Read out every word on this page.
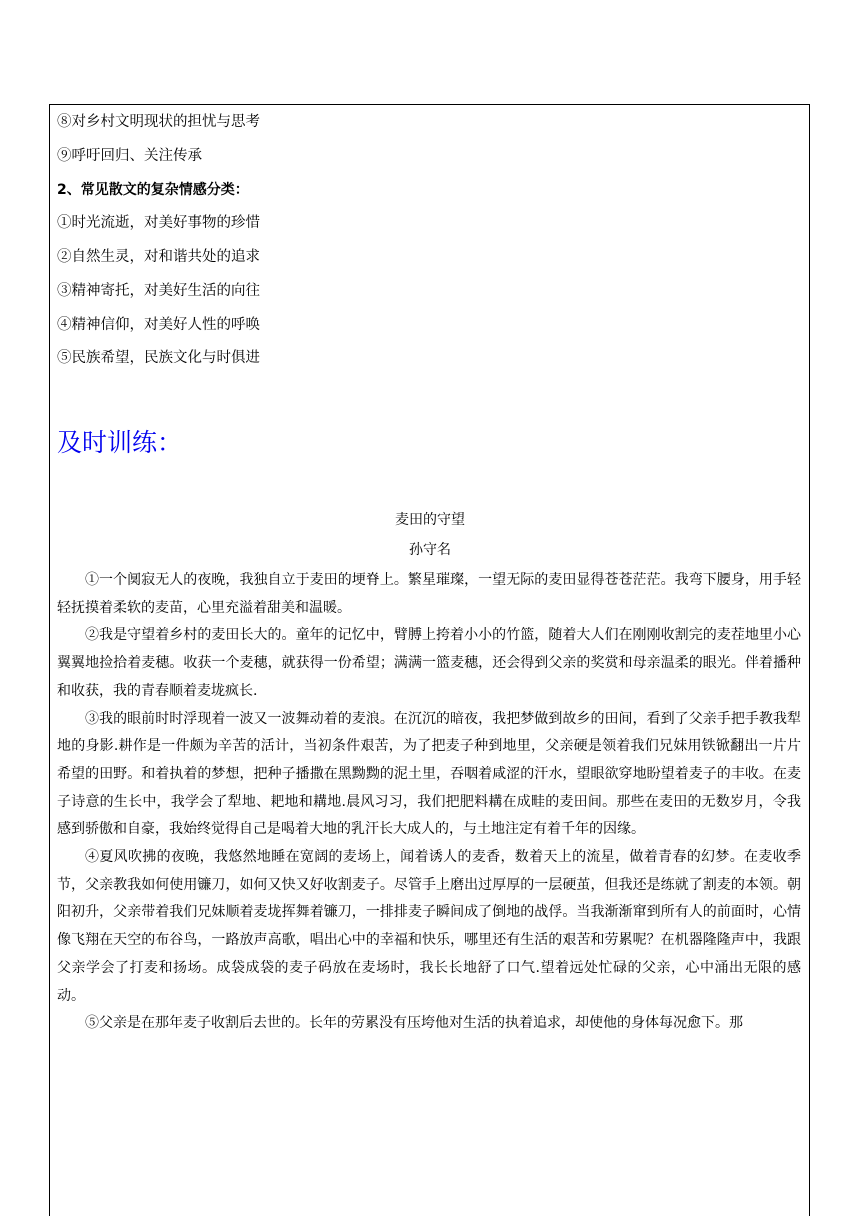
⑧对乡村文明现状的担忧与思考
⑨呼吁回归、关注传承
2、常见散文的复杂情感分类：
①时光流逝，对美好事物的珍惜
②自然生灵，对和谐共处的追求
③精神寄托，对美好生活的向往
④精神信仰，对美好人性的呼唤
⑤民族希望，民族文化与时俱进
及时训练：
麦田的守望
孙守名

①一个阒寂无人的夜晚，我独自立于麦田的埂脊上。繁星璀璨，一望无际的麦田显得苍苍茫茫。我弯下腰身，用手轻轻抚摸着柔软的麦苗，心里充溢着甜美和温暖。

②我是守望着乡村的麦田长大的。童年的记忆中，臂膊上挎着小小的竹篮，随着大人们在刚刚收割完的麦茬地里小心翼翼地捡拾着麦穗。收获一个麦穗，就获得一份希望；满满一篮麦穗，还会得到父亲的奖赏和母亲温柔的眼光。伴着播种和收获，我的青春顺着麦垅疯长.

③我的眼前时时浮现着一波又一波舞动着的麦浪。在沉沉的暗夜，我把梦做到故乡的田间，看到了父亲手把手教我犁地的身影.耕作是一件颇为辛苦的活计，当初条件艰苦，为了把麦子种到地里，父亲硬是领着我们兄妹用铁锨翻出一片片希望的田野。和着执着的梦想，把种子播撒在黑黝黝的泥土里，吞咽着咸涩的汗水，望眼欲穿地盼望着麦子的丰收。在麦子诗意的生长中，我学会了犁地、耙地和耩地.晨风习习，我们把肥料耩在成畦的麦田间。那些在麦田的无数岁月，令我感到骄傲和自豪，我始终觉得自己是喝着大地的乳汗长大成人的，与土地注定有着千年的因缘。

④夏风吹拂的夜晚，我悠然地睡在宽阔的麦场上，闻着诱人的麦香，数着天上的流星，做着青春的幻梦。在麦收季节，父亲教我如何使用镰刀，如何又快又好收割麦子。尽管手上磨出过厚厚的一层硬茧，但我还是练就了割麦的本领。朝阳初升，父亲带着我们兄妹顺着麦垅挥舞着镰刀，一排排麦子瞬间成了倒地的战俘。当我渐渐窜到所有人的前面时，心情像飞翔在天空的布谷鸟，一路放声高歌，唱出心中的幸福和快乐，哪里还有生活的艰苦和劳累呢？在机器隆隆声中，我跟父亲学会了打麦和扬场。成袋成袋的麦子码放在麦场时，我长长地舒了口气.望着远处忙碌的父亲，心中涌出无限的感动。

⑤父亲是在那年麦子收割后去世的。长年的劳累没有压垮他对生活的执着追求，却使他的身体每况愈下。那
